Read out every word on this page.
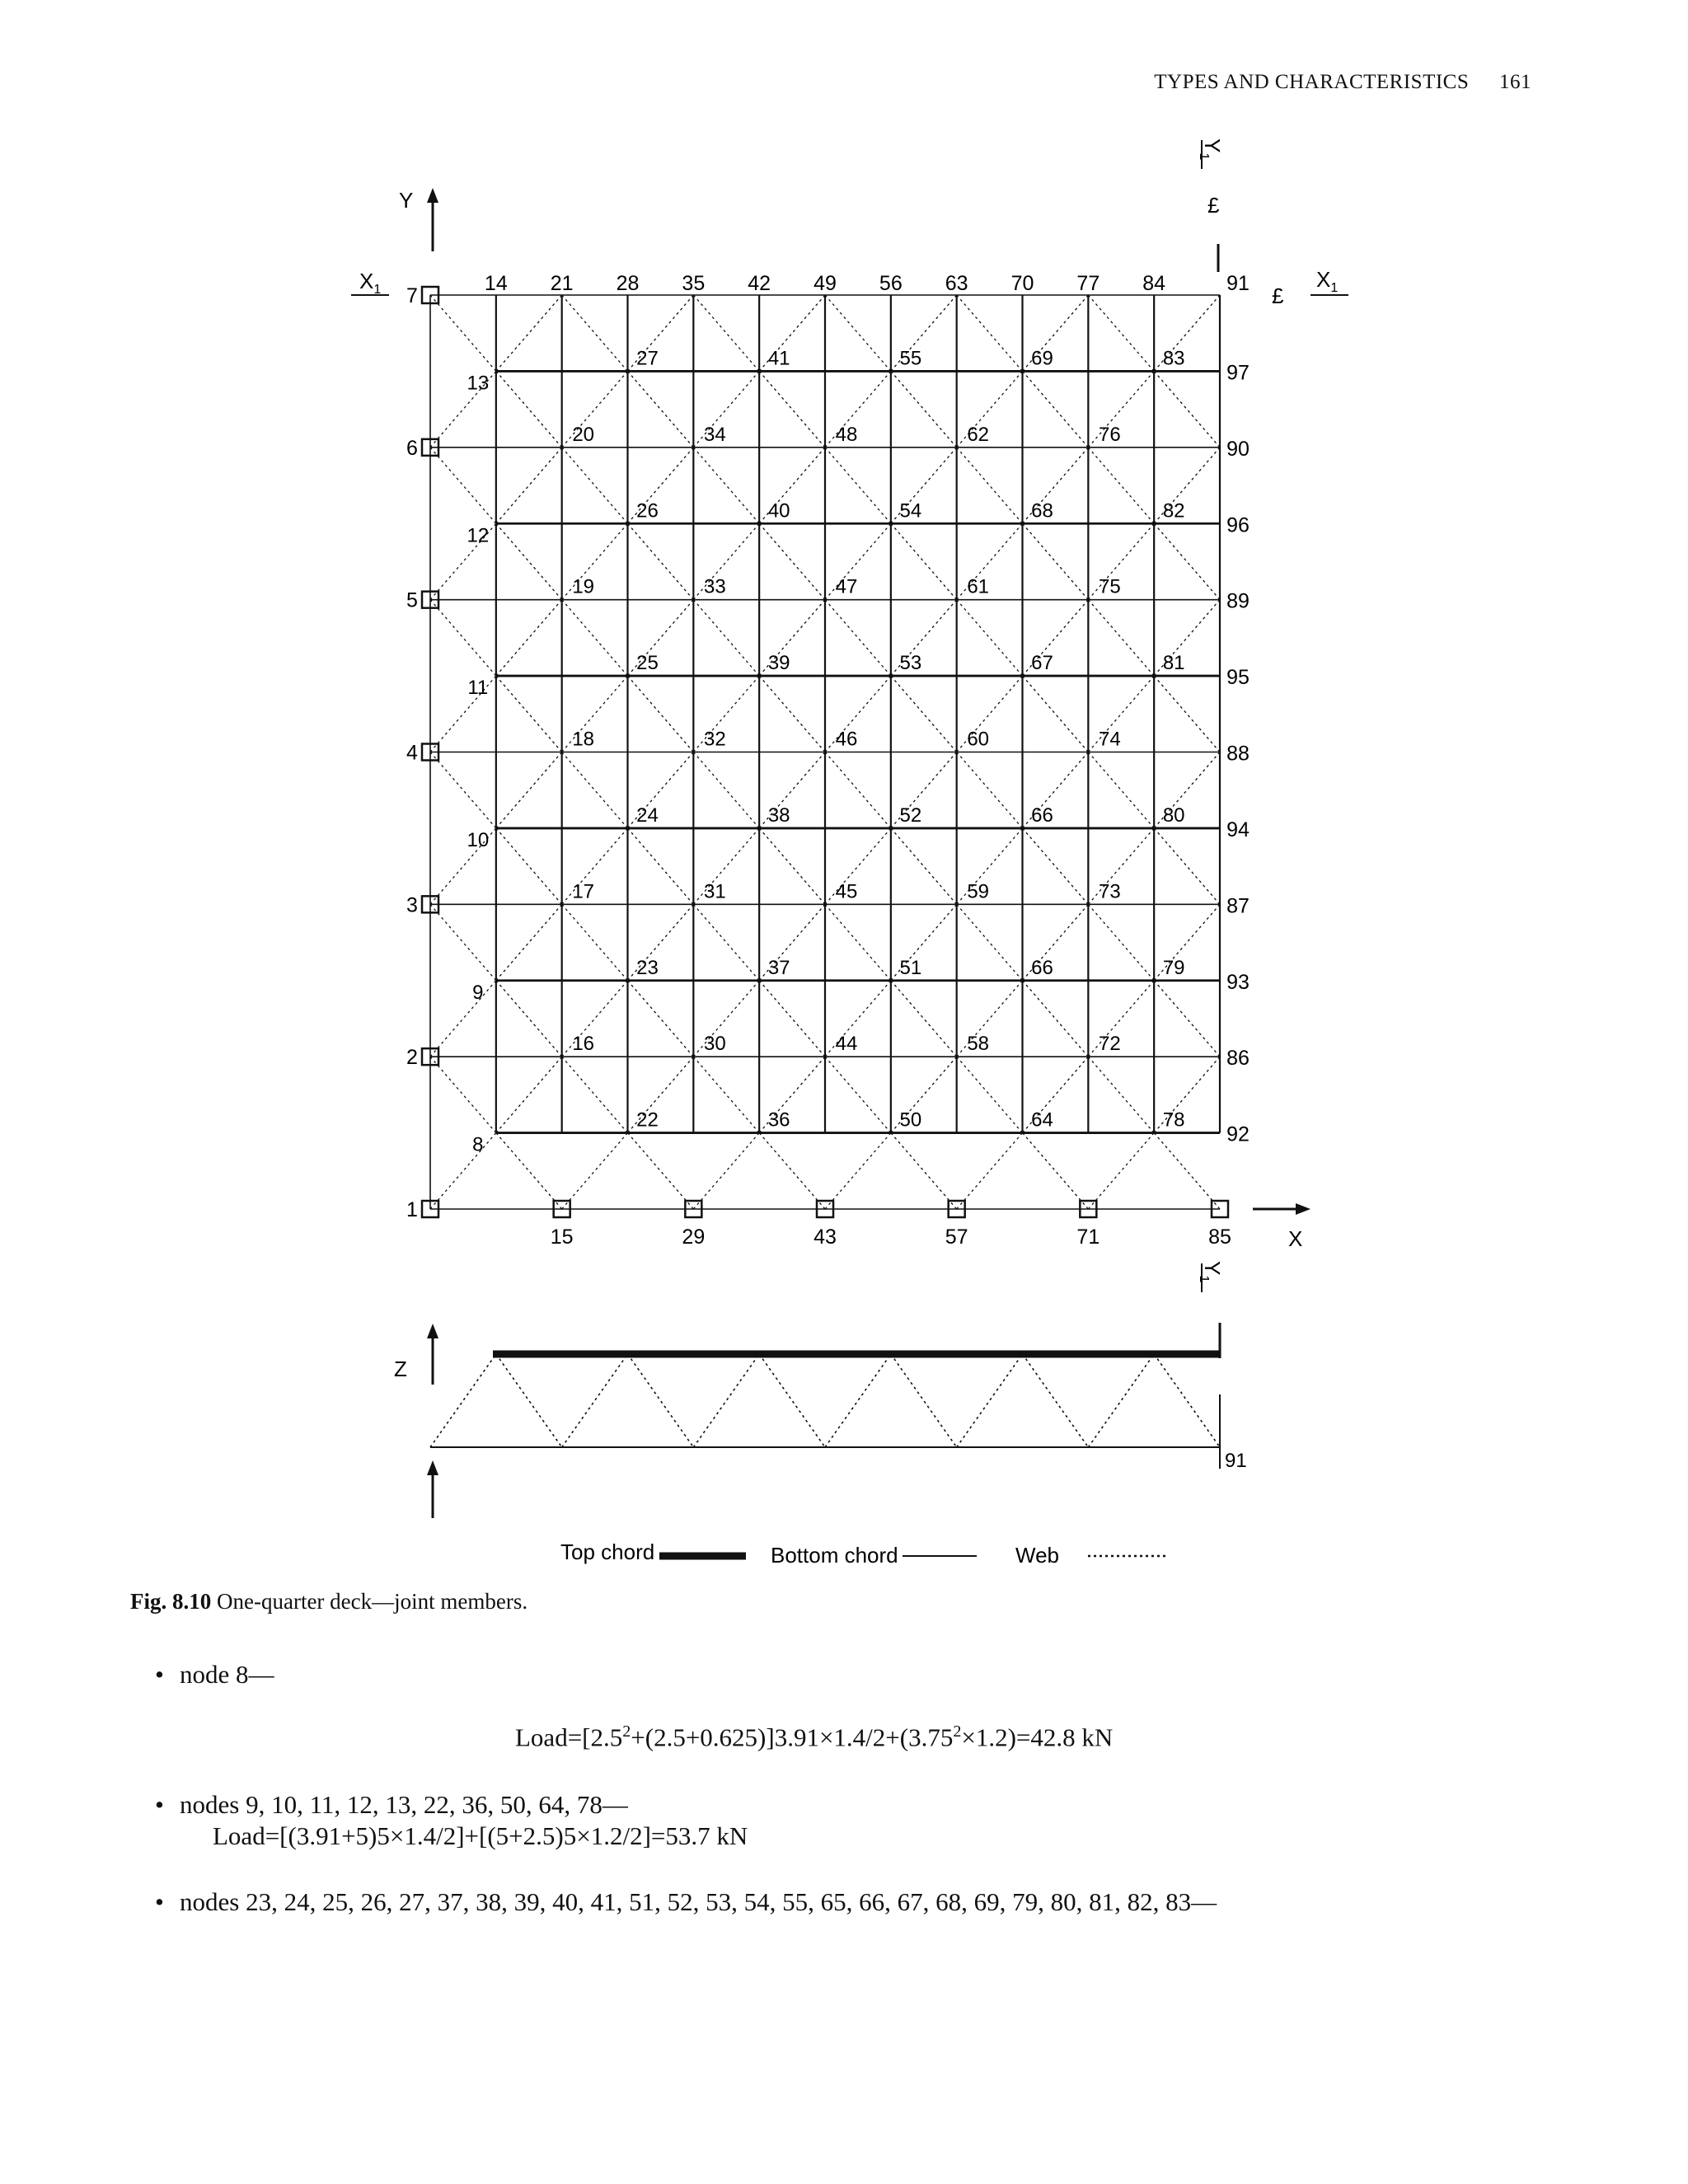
TYPES AND CHARACTERISTICS 161
7
14 21 28 35 42 49 56 63 70 77 84	91
6
5
4
3
2
1
13
12
11
10
9
8
97
90
96
89
95
88
94
87
93
86
92
15	29	43	57	71	85
27	41	55	69	83
20	34	48	62	76
26	40	54	68	82
19	33	47	61	75
25	39	53	67	81
18	32	46	60	74
24	38	52	66	80
17	31	45	59	73
23	37	51	66	79
16	30	44	58	72
22	36	50	64	78
Y
X
$X_1$	$X_1$
£
$Y_1$
£
$Y_1$
Z
91
Top chord	Bottom chord	Web
Fig. 8.10 One-quarter deck—joint members.
• node 8—
$Load=[2.5^2+(2.5+0.625)]3.91\times 1.4/2+(3.75^2\times 1.2)=42.8$ kN
• nodes 9, 10, 11, 12, 13, 22, 36, 50, 64, 78—
Load=[(3.91+5)5×1.4/2]+[(5+2.5)5×1.2/2]=53.7 kN
• nodes 23, 24, 25, 26, 27, 37, 38, 39, 40, 41, 51, 52, 53, 54, 55, 65, 66, 67, 68, 69, 79, 80, 81, 82, 83—
